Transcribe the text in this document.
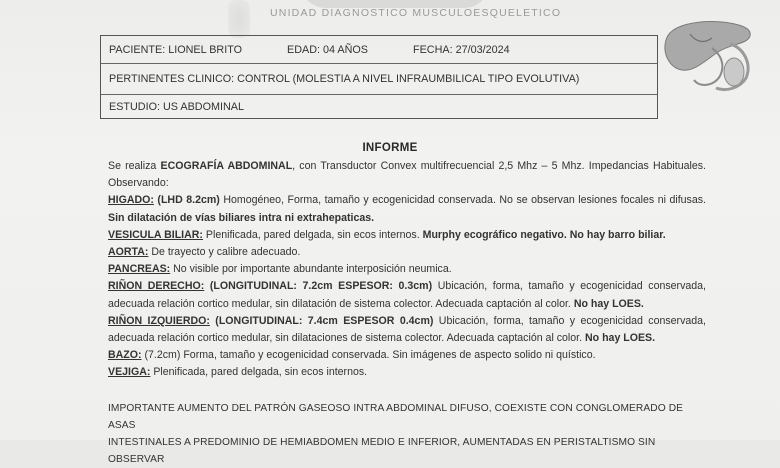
UNIDAD DIAGNOSTICO MUSCULOESQUELETICO
PACIENTE: LIONEL BRITO	EDAD: 04 AÑOS	FECHA: 27/03/2024
PERTINENTES CLINICO: CONTROL (MOLESTIA A NIVEL INFRAUMBILICAL TIPO EVOLUTIVA)
ESTUDIO: US ABDOMINAL
INFORME

Se realiza ECOGRAFÍA ABDOMINAL, con Transductor Convex multifrecuencial 2,5 Mhz – 5 Mhz. Impedancias Habituales. Observando:

HIGADO: (LHD 8.2cm) Homogéneo, Forma, tamaño y ecogenicidad conservada. No se observan lesiones focales ni difusas. Sin dilatación de vías biliares intra ni extrahepaticas.

VESICULA BILIAR: Plenificada, pared delgada, sin ecos internos. Murphy ecográfico negativo. No hay barro biliar.

AORTA: De trayecto y calibre adecuado.

PANCREAS: No visible por importante abundante interposición neumica.

RIÑON DERECHO: (LONGITUDINAL: 7.2cm ESPESOR: 0.3cm) Ubicación, forma, tamaño y ecogenicidad conservada, adecuada relación cortico medular, sin dilatación de sistema colector. Adecuada captación al color. No hay LOES.

RIÑON IZQUIERDO: (LONGITUDINAL: 7.4cm ESPESOR 0.4cm) Ubicación, forma, tamaño y ecogenicidad conservada, adecuada relación cortico medular, sin dilataciones de sistema colector. Adecuada captación al color. No hay LOES.

BAZO: (7.2cm) Forma, tamaño y ecogenicidad conservada. Sin imágenes de aspecto solido ni quístico.

VEJIGA: Plenificada, pared delgada, sin ecos internos.

IMPORTANTE AUMENTO DEL PATRÓN GASEOSO INTRA ABDOMINAL DIFUSO, COEXISTE CON CONGLOMERADO DE ASAS

INTESTINALES A PREDOMINIO DE HEMIABDOMEN MEDIO E INFERIOR, AUMENTADAS EN PERISTALTISMO SIN OBSERVAR
